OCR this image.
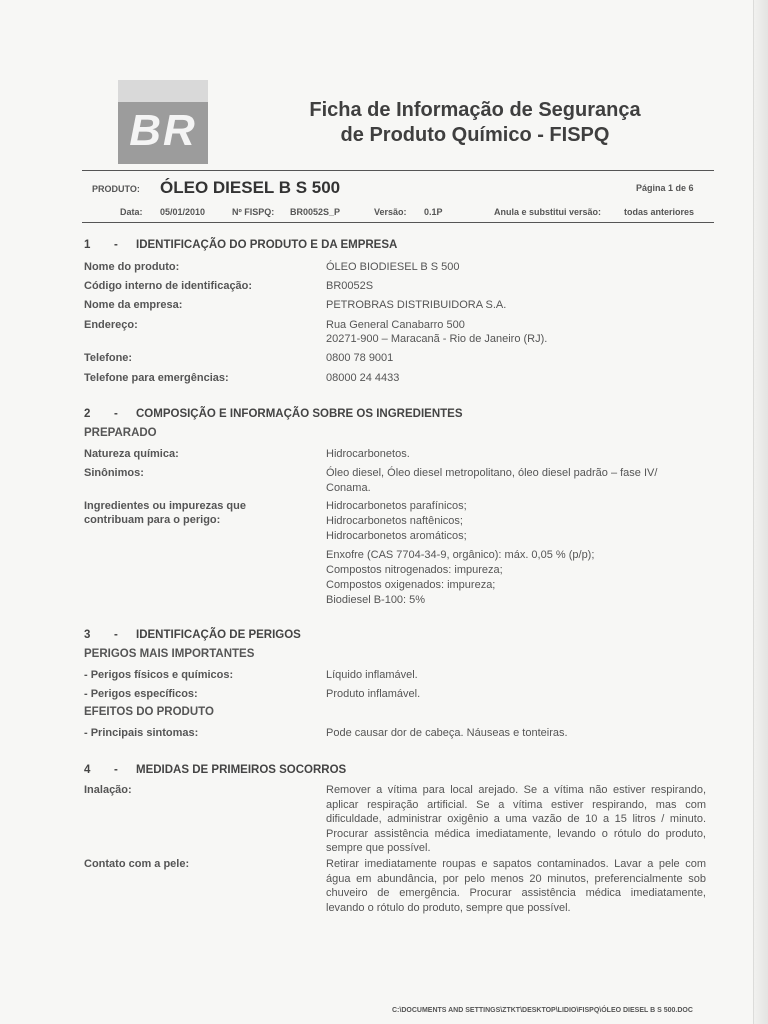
BR	Ficha de Informação de Segurança
de Produto Químico - FISPQ
PRODUTO: ÓLEO DIESEL B S 500	Página 1 de 6
Data: 05/01/2010	Nº FISPQ: BR0052S_P	Versão: 0.1P	Anula e substitui versão:	todas anteriores
1 - IDENTIFICAÇÃO DO PRODUTO E DA EMPRESA
Nome do produto:	ÓLEO BIODIESEL B S 500
Código interno de identificação:	BR0052S
Nome da empresa:	PETROBRAS DISTRIBUIDORA S.A.
Endereço:	Rua General Canabarro 500
20271-900 – Maracanã - Rio de Janeiro (RJ).
Telefone:	0800 78 9001
Telefone para emergências:	08000 24 4433
2 - COMPOSIÇÃO E INFORMAÇÃO SOBRE OS INGREDIENTES
PREPARADO
Natureza química:	Hidrocarbonetos.
Sinônimos:	Óleo diesel, Óleo diesel metropolitano, óleo diesel padrão – fase IV/
Conama.
Ingredientes ou impurezas que
contribuam para o perigo:
Hidrocarbonetos parafínicos;
Hidrocarbonetos naftênicos;
Hidrocarbonetos aromáticos;
Enxofre (CAS 7704-34-9, orgânico): máx. 0,05 % (p/p);
Compostos nitrogenados: impureza;
Compostos oxigenados: impureza;
Biodiesel B-100: 5%
3 - IDENTIFICAÇÃO DE PERIGOS
PERIGOS MAIS IMPORTANTES
- Perigos físicos e químicos:	Líquido inflamável.
- Perigos específicos:	Produto inflamável.
EFEITOS DO PRODUTO
- Principais sintomas:	Pode causar dor de cabeça. Náuseas e tonteiras.
4 - MEDIDAS DE PRIMEIROS SOCORROS
Inalação:	Remover a vítima para local arejado. Se a vítima não estiver respirando, aplicar respiração artificial. Se a vítima estiver respirando, mas com dificuldade, administrar oxigênio a uma vazão de 10 a 15 litros / minuto. Procurar assistência médica imediatamente, levando o rótulo do produto, sempre que possível.
Contato com a pele:	Retirar imediatamente roupas e sapatos contaminados. Lavar a pele com água em abundância, por pelo menos 20 minutos, preferencialmente sob chuveiro de emergência. Procurar assistência médica imediatamente, levando o rótulo do produto, sempre que possível.
C:\DOCUMENTS AND SETTINGS\ZTKT\DESKTOP\LIDIO\FISPQ\ÓLEO DIESEL B S 500.DOC
